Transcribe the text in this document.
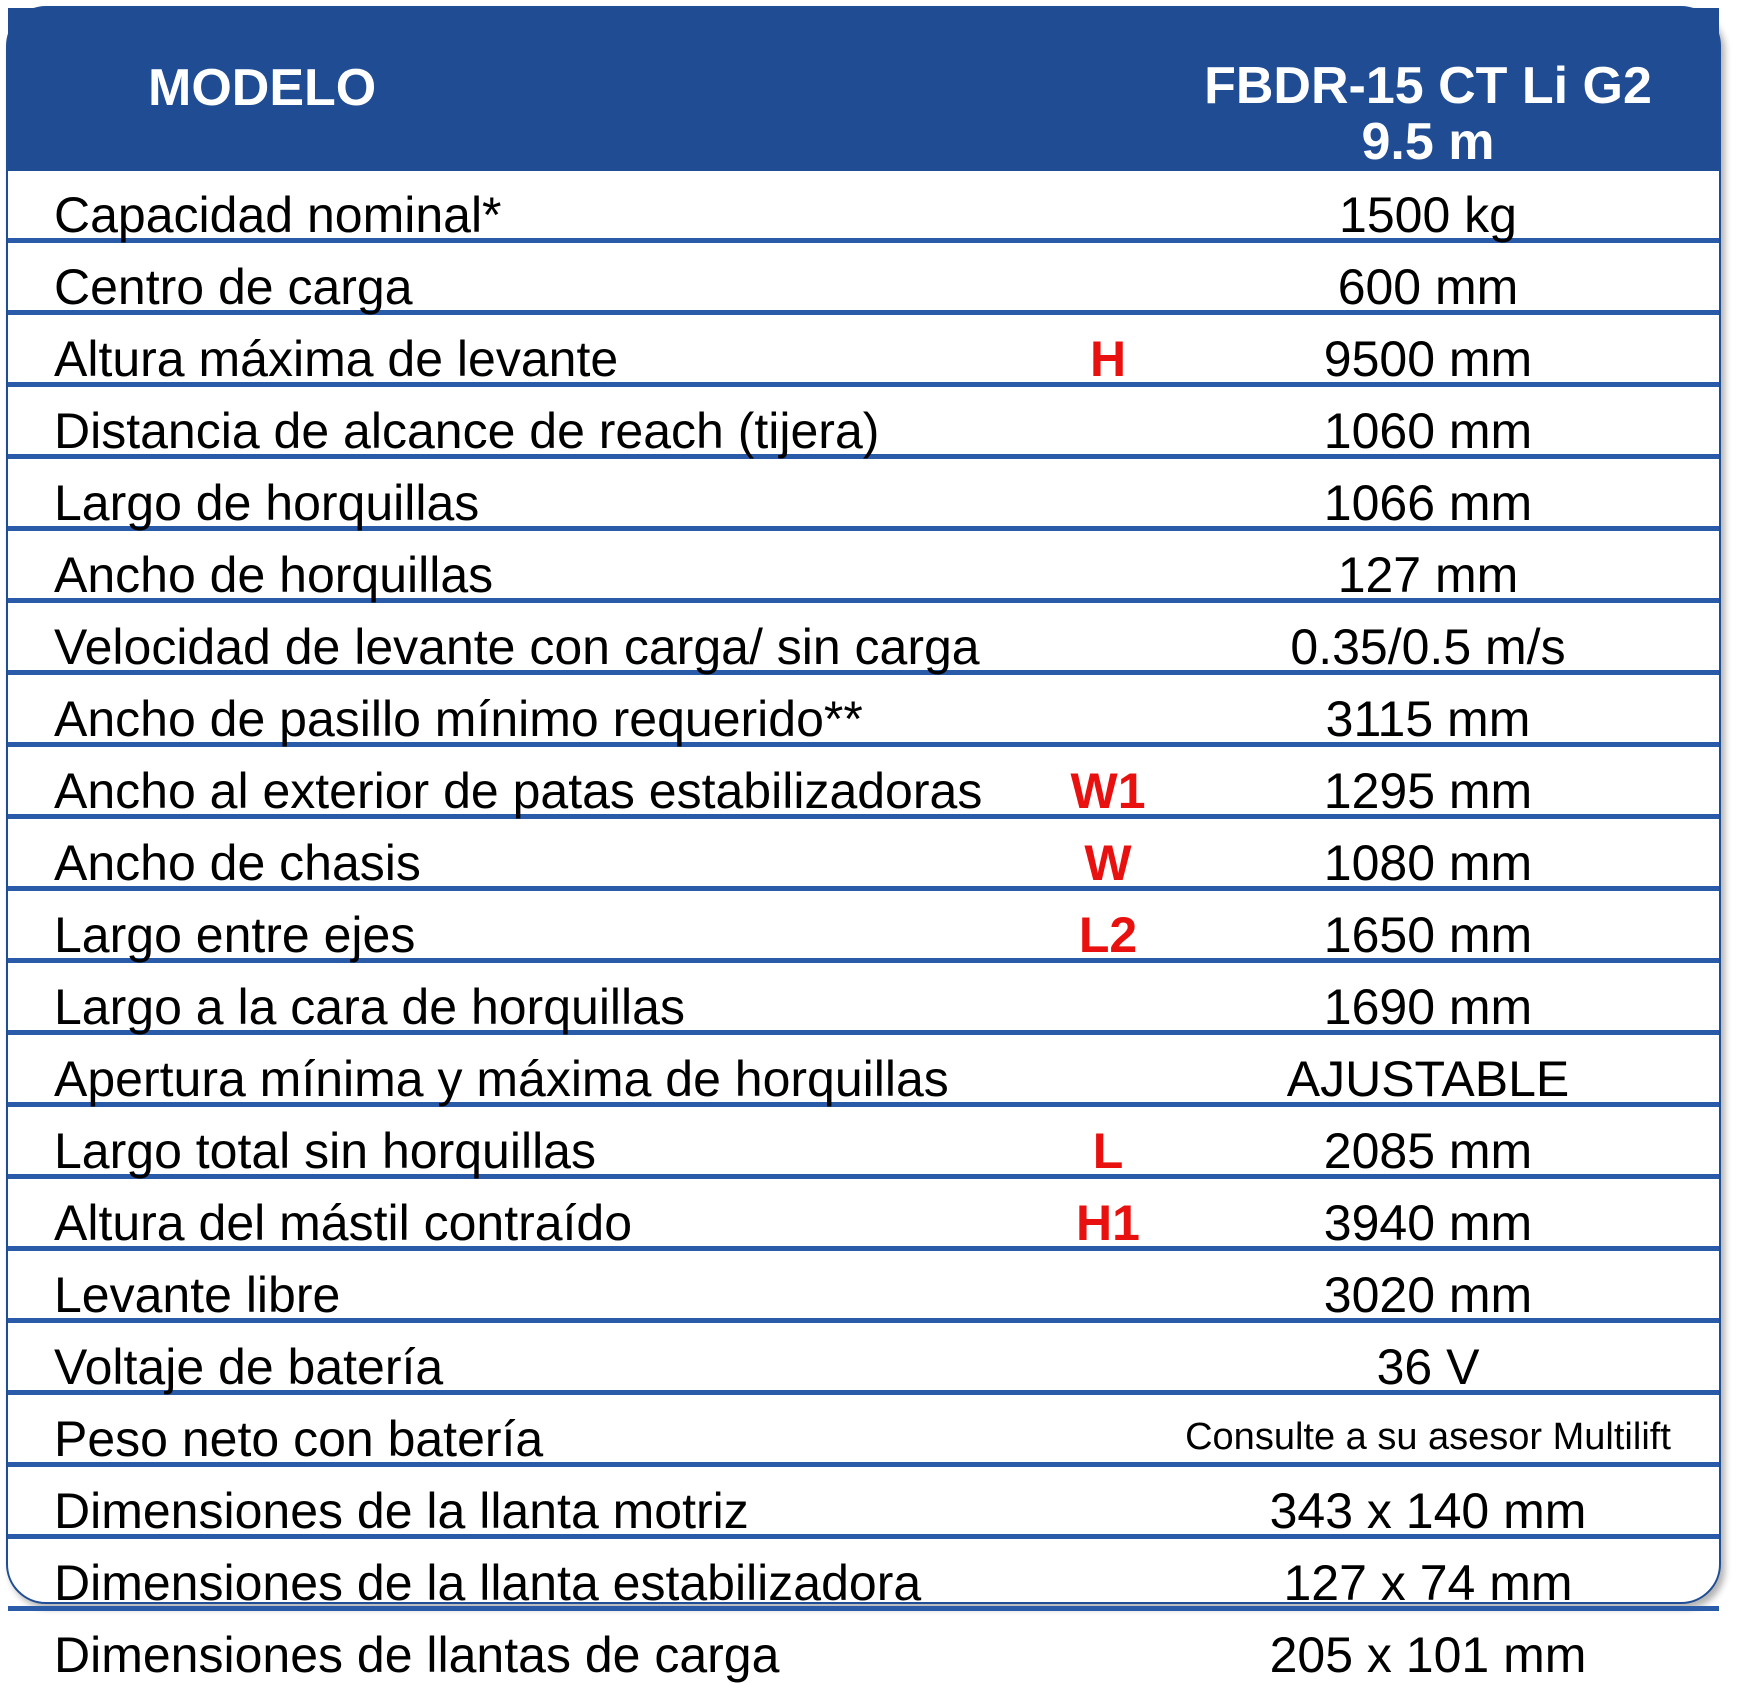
MODELO	FBDR-15 CT Li G2
9.5 m
Capacidad nominal*	1500 kg
Centro de carga	600 mm
Altura máxima de levante	H	9500 mm
Distancia de alcance de reach (tijera)	1060 mm
Largo de horquillas	1066 mm
Ancho de horquillas	127 mm
Velocidad de levante con carga/ sin carga	0.35/0.5 m/s
Ancho de pasillo mínimo requerido**	3115 mm
Ancho al exterior de patas estabilizadoras	W1	1295 mm
Ancho de chasis	W	1080 mm
Largo entre ejes	L2	1650 mm
Largo a la cara de horquillas	1690 mm
Apertura mínima y máxima de horquillas	AJUSTABLE
Largo total sin horquillas	L	2085 mm
Altura del mástil contraído	H1	3940 mm
Levante libre	3020 mm
Voltaje de batería	36 V
Peso neto con batería	Consulte a su asesor Multilift
Dimensiones de la llanta motriz	343 x 140 mm
Dimensiones de la llanta estabilizadora	127 x 74 mm
Dimensiones de llantas de carga	205 x 101 mm
